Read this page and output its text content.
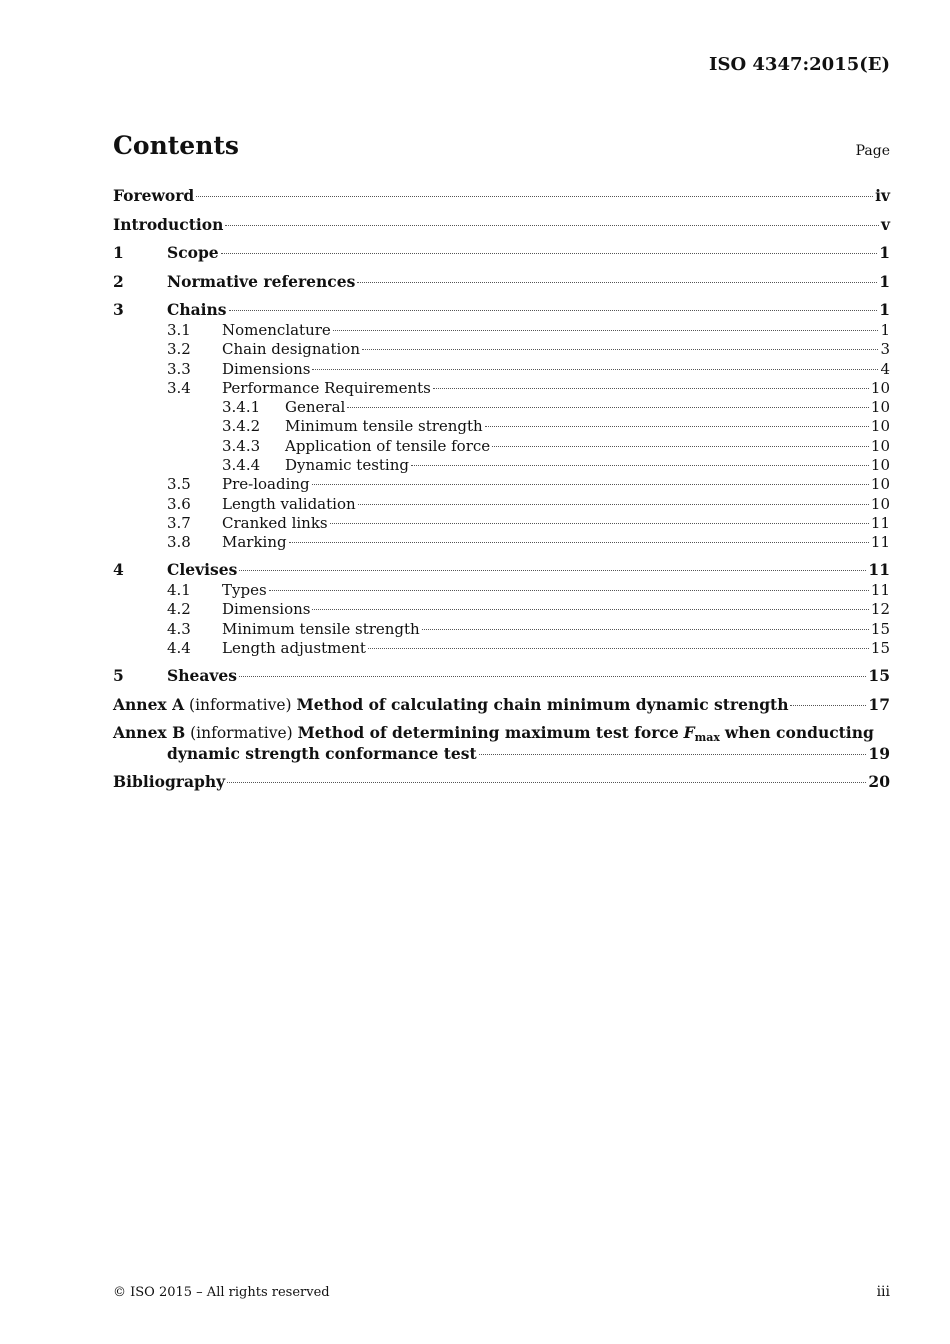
ISO 4347:2015(E)
Contents	Page
Foreword	iv
Introduction	v
1	Scope	1
2	Normative references	1
3	Chains	1
3.1	Nomenclature	1
3.2	Chain designation	3
3.3	Dimensions	4
3.4	Performance Requirements	10
3.4.1	General	10
3.4.2	Minimum tensile strength	10
3.4.3	Application of tensile force	10
3.4.4	Dynamic testing	10
3.5	Pre-loading	10
3.6	Length validation	10
3.7	Cranked links	11
3.8	Marking	11
4	Clevises	11
4.1	Types	11
4.2	Dimensions	12
4.3	Minimum tensile strength	15
4.4	Length adjustment	15
5	Sheaves	15
Annex A (informative) Method of calculating chain minimum dynamic strength	17
Annex B (informative) Method of determining maximum test force Fmax when conducting
dynamic strength conformance test	19
Bibliography	20
© ISO 2015 – All rights reserved	iii
